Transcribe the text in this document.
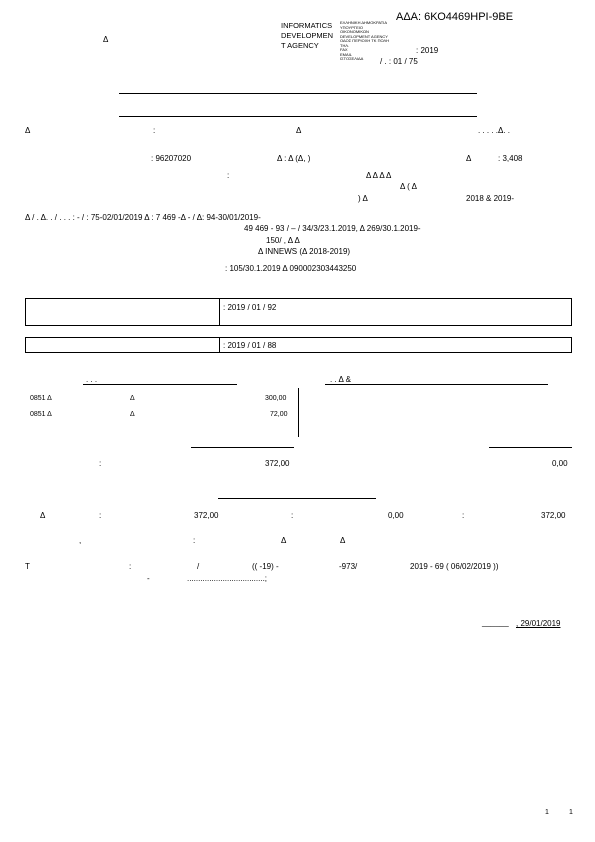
ΑΔΑ: 6ΚΟ4469ΗΡΙ-9ΒΕ
Δ
INFORMATICS
DEVELOPMEN
T AGENCY
ΕΛΛΗΝΙΚΗ ΔΗΜΟΚΡΑΤΙΑ
ΥΠΟΥΡΓΕΙΟ
ΟΙΚΟΝΟΜΙΚΩΝ
DEVELOPMENT AGENCY
ΟΔΟΣ ΠΕΡΙΟΧΗ ΤΚ ΠΟΛΗ
ΤΗΛ.
FAX
EMAIL
ΙΣΤΟΣΕΛΙΔΑ
: 2019
/ . : 01 / 75
Δ	:	Δ	. . . . .Δ. .
: 96207020	Δ : Δ (Δ, )	Δ	: 3,408
:	Δ Δ Δ Δ
Δ ( Δ
) Δ	2018 & 2019-
Δ / . Δ. . / . . . : - / : 75-02/01/2019 Δ : 7 469 -Δ - / Δ: 94-30/01/2019-
49 469 - 93 / – / 34/3/23.1.2019, Δ 269/30.1.2019-
150/ , Δ Δ
Δ INNEWS (Δ 2018-2019)
: 105/30.1.2019 Δ 090002303443250
: 2019 / 01 / 92
: 2019 / 01 / 88
. . .	. . Δ &
0851 Δ	Δ	300,00
0851 Δ	Δ	72,00
:	372,00	0,00
Δ	:	372,00	:	0,00	:	372,00
,	:	Δ	Δ
T	:	/	(( -19) -	-973/	2019 - 69 ( 06/02/2019 ))
-	...................................;
______ , 29/01/2019
1	1
